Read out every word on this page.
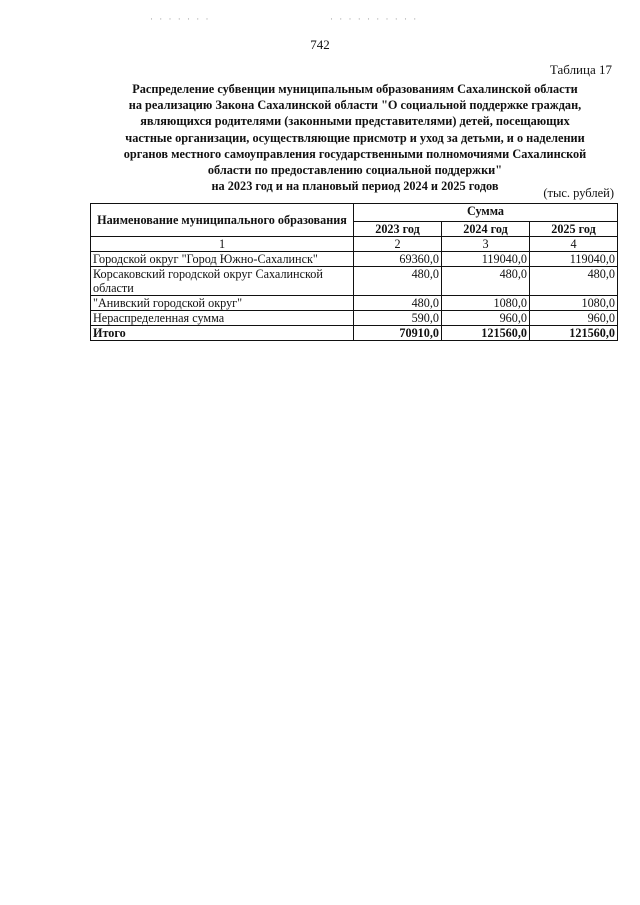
· · · · · · ·	· · · · · · · · · ·
742
Таблица 17
Распределение субвенции муниципальным образованиям Сахалинской области
на реализацию Закона Сахалинской области "О социальной поддержке граждан,
являющихся родителями (законными представителями) детей, посещающих
частные организации, осуществляющие присмотр и уход за детьми, и о наделении
органов местного самоуправления государственными полномочиями Сахалинской
области по предоставлению социальной поддержки"
на 2023 год и на плановый период 2024 и 2025 годов	(тыс. рублей)
Наименование муниципального образования	Сумма		
	2023 год	2024 год	2025 год
1	2	3	4
Городской округ "Город Южно-Сахалинск"	69360,0	119040,0	119040,0
Корсаковский городской округ Сахалинской области	480,0	480,0	480,0
"Анивский городской округ"	480,0	1080,0	1080,0
Нераспределенная сумма	590,0	960,0	960,0
Итого	70910,0	121560,0	121560,0
